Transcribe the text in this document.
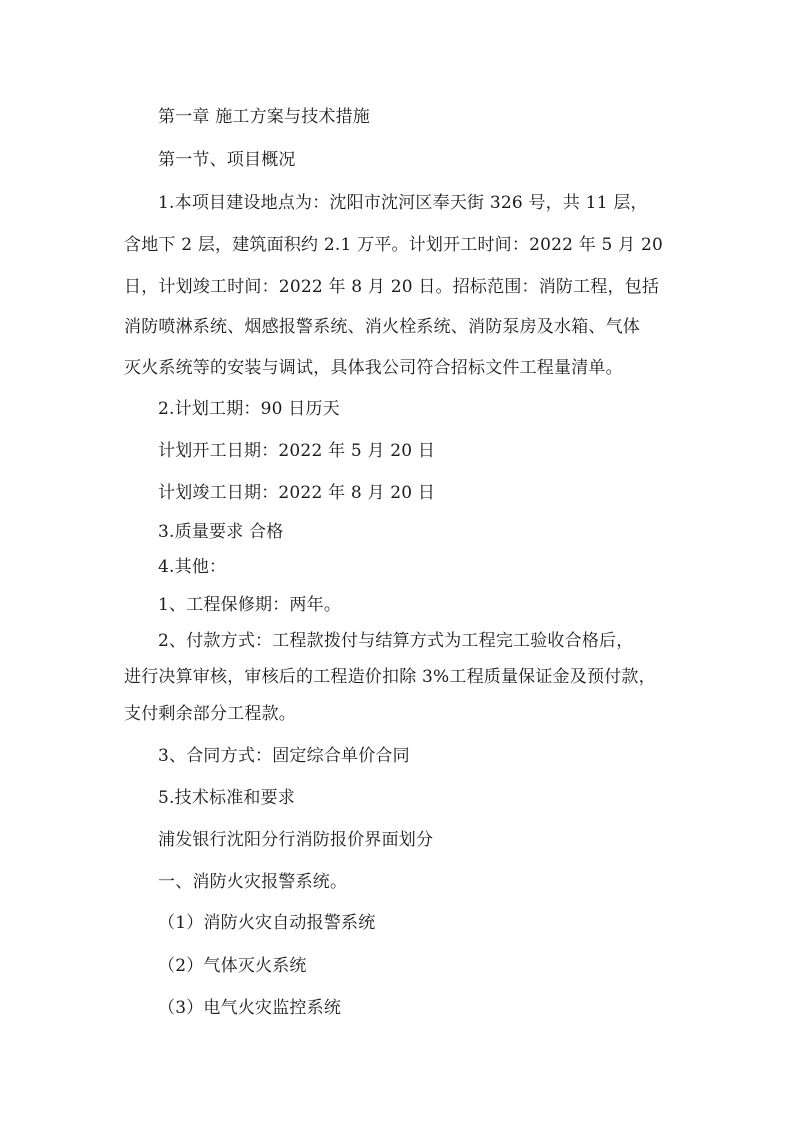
第一章 施工方案与技术措施
第一节、项目概况
1.本项目建设地点为：沈阳市沈河区奉天街 326 号，共 11 层，
含地下 2 层，建筑面积约 2.1 万平。计划开工时间：2022 年 5 月 20
日，计划竣工时间：2022 年 8 月 20 日。招标范围：消防工程，包括
消防喷淋系统、烟感报警系统、消火栓系统、消防泵房及水箱、气体
灭火系统等的安装与调试，具体我公司符合招标文件工程量清单。
2.计划工期：90 日历天
计划开工日期：2022 年 5 月 20 日
计划竣工日期：2022 年 8 月 20 日
3.质量要求 合格
4.其他：
1、工程保修期：两年。
2、付款方式：工程款拨付与结算方式为工程完工验收合格后，
进行决算审核，审核后的工程造价扣除 3%工程质量保证金及预付款，
支付剩余部分工程款。
3、合同方式：固定综合单价合同
5.技术标准和要求
浦发银行沈阳分行消防报价界面划分
一、消防火灾报警系统。
（1）消防火灾自动报警系统
（2）气体灭火系统
（3）电气火灾监控系统
